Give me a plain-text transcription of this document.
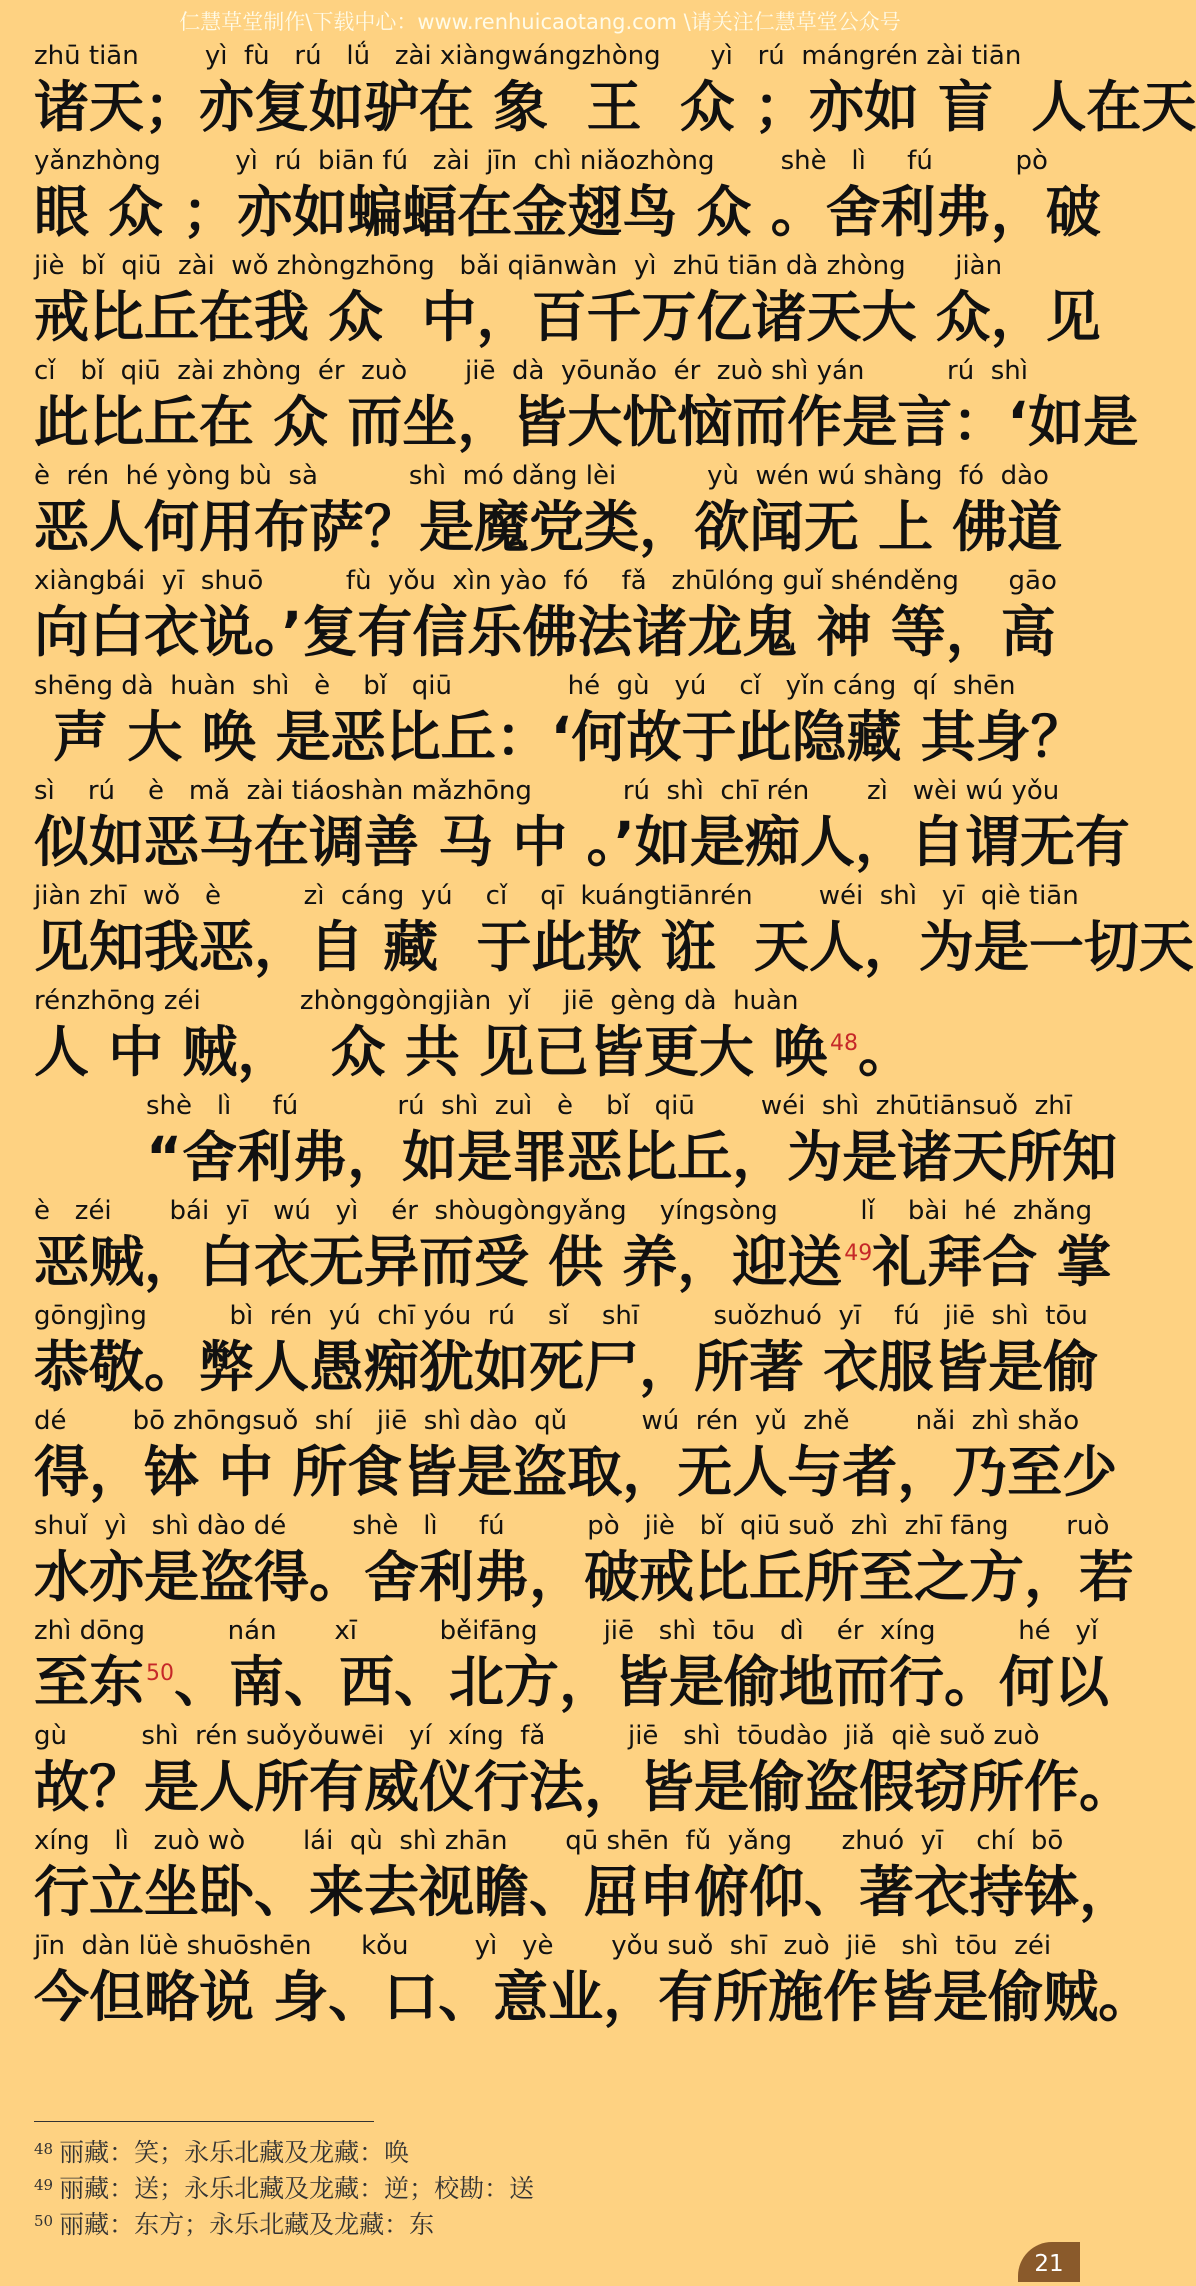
仁慧草堂制作\下载中心：www.renhuicaotang.com \请关注仁慧草堂公众号
zhū tiān        yì  fù   rú   lǘ   zài xiàngwángzhòng      yì   rú  mángrén zài tiān
诸天；亦复如驴在 象  王  众 ；亦如 盲  人在天
yǎnzhòng         yì  rú  biān fú   zài  jīn  chì niǎozhòng        shè   lì     fú          pò
眼 众 ；亦如蝙蝠在金翅鸟 众 。舍利弗，破
jiè  bǐ  qiū  zài  wǒ zhòngzhōng   bǎi qiānwàn  yì  zhū tiān dà zhòng      jiàn
戒比丘在我 众  中，百千万亿诸天大 众，见
cǐ   bǐ  qiū  zài zhòng  ér  zuò       jiē  dà  yōunǎo  ér  zuò shì yán          rú  shì
此比丘在 众 而坐，皆大忧恼而作是言：‘如是
è  rén  hé yòng bù  sà           shì  mó dǎng lèi           yù  wén wú shàng  fó  dào
恶人何用布萨？是魔党类，欲闻无 上 佛道
xiàngbái  yī  shuō          fù  yǒu  xìn yào  fó    fǎ   zhūlóng guǐ shénděng      gāo
向白衣说。’复有信乐佛法诸龙鬼 神 等，高
shēng dà  huàn  shì   è    bǐ   qiū              hé  gù   yú    cǐ   yǐn cáng  qí  shēn
声 大 唤 是恶比丘：‘何故于此隐藏 其身？
sì    rú    è   mǎ  zài tiáoshàn mǎzhōng           rú  shì  chī rén       zì   wèi wú yǒu
似如恶马在调善 马 中 。’如是痴人，自谓无有
jiàn zhī  wǒ   è          zì  cáng  yú    cǐ    qī  kuángtiānrén        wéi  shì   yī  qiè tiān
见知我恶，自 藏  于此欺 诳  天人，为是一切天
rénzhōng zéi            zhònggòngjiàn  yǐ    jiē  gèng dà  huàn
人 中 贼，  众 共 见已皆更大 唤$^{48}$。
shè   lì     fú            rú  shì  zuì   è    bǐ   qiū        wéi  shì  zhūtiānsuǒ  zhī
“舍利弗，如是罪恶比丘，为是诸天所知
è   zéi       bái  yī   wú   yì    ér  shòugòngyǎng    yíngsòng          lǐ    bài  hé  zhǎng
恶贼，白衣无异而受 供 养，迎送$^{49}$礼拜合 掌
gōngjìng          bì  rén  yú  chī yóu  rú    sǐ    shī         suǒzhuó  yī    fú   jiē  shì  tōu
恭敬。弊人愚痴犹如死尸，所著 衣服皆是偷
dé        bō zhōngsuǒ  shí   jiē  shì dào  qǔ         wú  rén  yǔ  zhě        nǎi  zhì shǎo
得，钵 中 所食皆是盗取，无人与者，乃至少
shuǐ  yì   shì dào dé        shè   lì     fú          pò   jiè   bǐ  qiū suǒ  zhì  zhī fāng       ruò
水亦是盗得。舍利弗，破戒比丘所至之方，若
zhì dōng          nán       xī          běifāng        jiē   shì  tōu   dì    ér  xíng          hé   yǐ
至东$^{50}$、南、西、北方，皆是偷地而行。何以
gù         shì  rén suǒyǒuwēi   yí  xíng  fǎ          jiē   shì  tōudào  jiǎ  qiè suǒ zuò
故？是人所有威仪行法，皆是偷盗假窃所作。
xíng   lì   zuò wò       lái  qù  shì zhān       qū shēn  fǔ  yǎng      zhuó  yī    chí  bō
行立坐卧、来去视瞻、屈申俯仰、著衣持钵，
jīn  dàn lüè shuōshēn      kǒu        yì   yè       yǒu suǒ  shī  zuò  jiē   shì  tōu  zéi
今但略说 身、口、意业，有所施作皆是偷贼。
$^{48}$ 丽藏：笑；永乐北藏及龙藏：唤
$^{49}$ 丽藏：送；永乐北藏及龙藏：逆；校勘：送
$^{50}$ 丽藏：东方；永乐北藏及龙藏：东
21
